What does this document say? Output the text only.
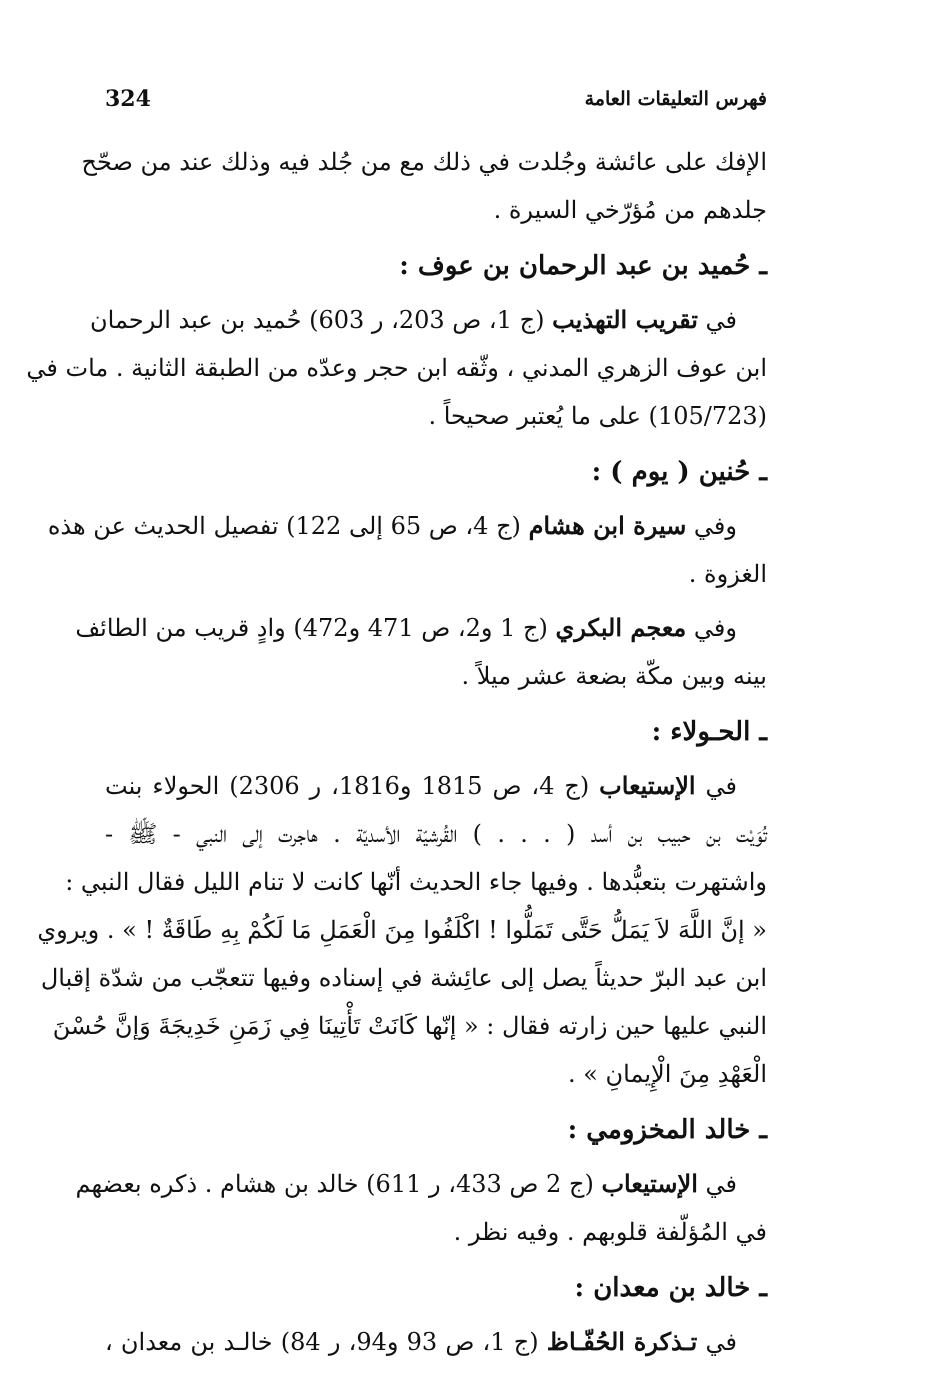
فهرس التعليقات العامة
324
الإفك على عائشة وجُلدت في ذلك مع من جُلد فيه وذلك عند من صحّح
جلدهم من مُؤرّخي السيرة .
ـ حُميد بن عبد الرحمان بن عوف :
في تقريب التهذيب (ج 1، ص 203، ر 603) حُميد بن عبد الرحمان
ابن عوف الزهري المدني ، وثّقه ابن حجر وعدّه من الطبقة الثانية . مات في
(105/723) على ما يُعتبر صحيحاً .
ـ حُنين ( يوم ) :
وفي سيرة ابن هشام (ج 4، ص 65 إلى 122) تفصيل الحديث عن هذه
الغزوة .
وفي معجم البكري (ج 1 و2، ص 471 و472) وادٍ قريب من الطائف
بينه وبين مكّة بضعة عشر ميلاً .
ـ الحـولاء :
في الإستيعاب (ج 4، ص 1815 و1816، ر 2306) الحولاء بنت
تُوَيْت بن حبيب بن أسد ( . . . ) القُرشيّة الأسديّة . هاجرت إلى النبي - ﷺ -
واشتهرت بتعبُّدها . وفيها جاء الحديث أنّها كانت لا تنام الليل فقال النبي :
« إنَّ اللَّهَ لاَ يَمَلُّ حَتَّى تَمَلُّوا ! اكْلَفُوا مِنَ الْعَمَلِ مَا لَكُمْ بِهِ طَاقَةٌ ! » . ويروي
ابن عبد البرّ حديثاً يصل إلى عائِشة في إسناده وفيها تتعجّب من شدّة إقبال
النبي عليها حين زارته فقال : « إنّها كَانَتْ تَأْتِينَا فِي زَمَنِ خَدِيجَةَ وَإنَّ حُسْنَ
الْعَهْدِ مِنَ الْإِيمانِ » .
ـ خالد المخزومي :
في الإستيعاب (ج 2 ص 433، ر 611) خالد بن هشام . ذكره بعضهم
في المُؤلّفة قلوبهم . وفيه نظر .
ـ خالد بن معدان :
في تـذكرة الحُفّـاظ (ج 1، ص 93 و94، ر 84) خالـد بن معدان ،
